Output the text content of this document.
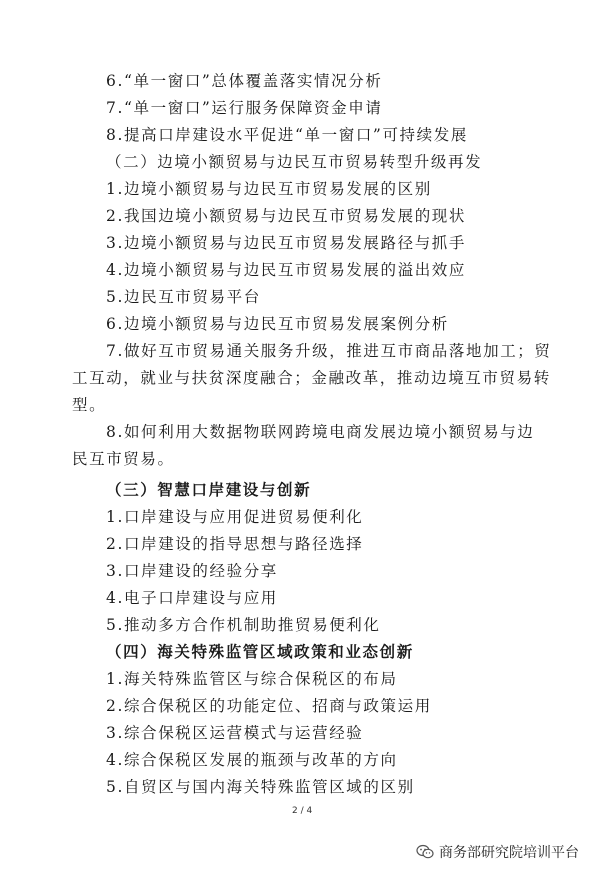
6.“单一窗口”总体覆盖落实情况分析
7.“单一窗口”运行服务保障资金申请
8.提高口岸建设水平促进“单一窗口”可持续发展
（二）边境小额贸易与边民互市贸易转型升级再发
1.边境小额贸易与边民互市贸易发展的区别
2.我国边境小额贸易与边民互市贸易发展的现状
3.边境小额贸易与边民互市贸易发展路径与抓手
4.边境小额贸易与边民互市贸易发展的溢出效应
5.边民互市贸易平台
6.边境小额贸易与边民互市贸易发展案例分析
7.做好互市贸易通关服务升级，推进互市商品落地加工；贸
工互动，就业与扶贫深度融合；金融改革，推动边境互市贸易转
型。
8.如何利用大数据物联网跨境电商发展边境小额贸易与边
民互市贸易。
（三）智慧口岸建设与创新
1.口岸建设与应用促进贸易便利化
2.口岸建设的指导思想与路径选择
3.口岸建设的经验分享
4.电子口岸建设与应用
5.推动多方合作机制助推贸易便利化
（四）海关特殊监管区域政策和业态创新
1.海关特殊监管区与综合保税区的布局
2.综合保税区的功能定位、招商与政策运用
3.综合保税区运营模式与运营经验
4.综合保税区发展的瓶颈与改革的方向
5.自贸区与国内海关特殊监管区域的区别
2 / 4
商务部研究院培训平台
